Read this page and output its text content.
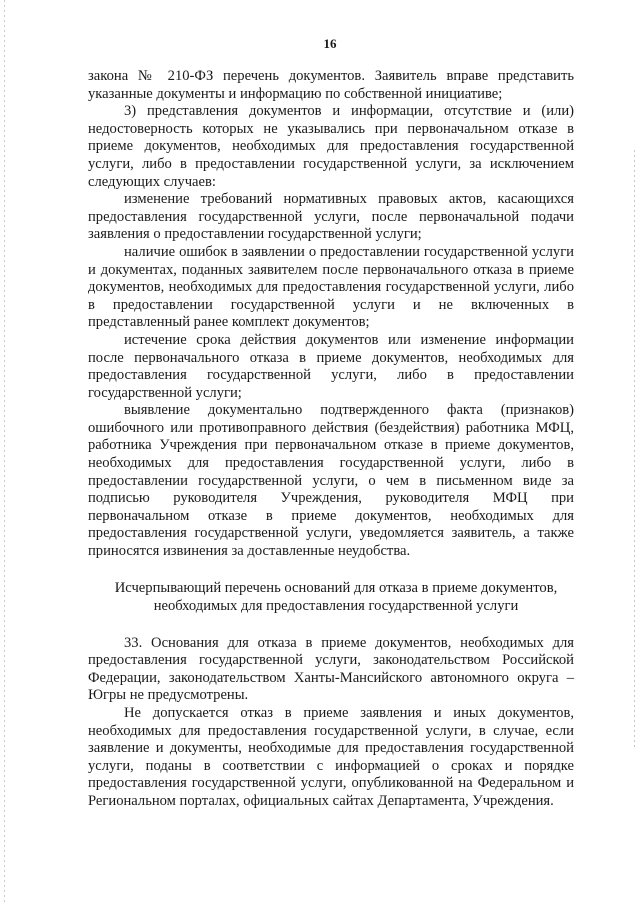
16

закона № 210-ФЗ перечень документов. Заявитель вправе представить указанные документы и информацию по собственной инициативе;

3) представления документов и информации, отсутствие и (или) недостоверность которых не указывались при первоначальном отказе в приеме документов, необходимых для предоставления государственной услуги, либо в предоставлении государственной услуги, за исключением следующих случаев:

изменение требований нормативных правовых актов, касающихся предоставления государственной услуги, после первоначальной подачи заявления о предоставлении государственной услуги;

наличие ошибок в заявлении о предоставлении государственной услуги и документах, поданных заявителем после первоначального отказа в приеме документов, необходимых для предоставления государственной услуги, либо в предоставлении государственной услуги и не включенных в представленный ранее комплект документов;

истечение срока действия документов или изменение информации после первоначального отказа в приеме документов, необходимых для предоставления государственной услуги, либо в предоставлении государственной услуги;

выявление документально подтвержденного факта (признаков) ошибочного или противоправного действия (бездействия) работника МФЦ, работника Учреждения при первоначальном отказе в приеме документов, необходимых для предоставления государственной услуги, либо в предоставлении государственной услуги, о чем в письменном виде за подписью руководителя Учреждения, руководителя МФЦ при первоначальном отказе в приеме документов, необходимых для предоставления государственной услуги, уведомляется заявитель, а также приносятся извинения за доставленные неудобства.

Исчерпывающий перечень оснований для отказа в приеме документов, необходимых для предоставления государственной услуги

33. Основания для отказа в приеме документов, необходимых для предоставления государственной услуги, законодательством Российской Федерации, законодательством Ханты-Мансийского автономного округа – Югры не предусмотрены.

Не допускается отказ в приеме заявления и иных документов, необходимых для предоставления государственной услуги, в случае, если заявление и документы, необходимые для предоставления государственной услуги, поданы в соответствии с информацией о сроках и порядке предоставления государственной услуги, опубликованной на Федеральном и Региональном порталах, официальных сайтах Департамента, Учреждения.
